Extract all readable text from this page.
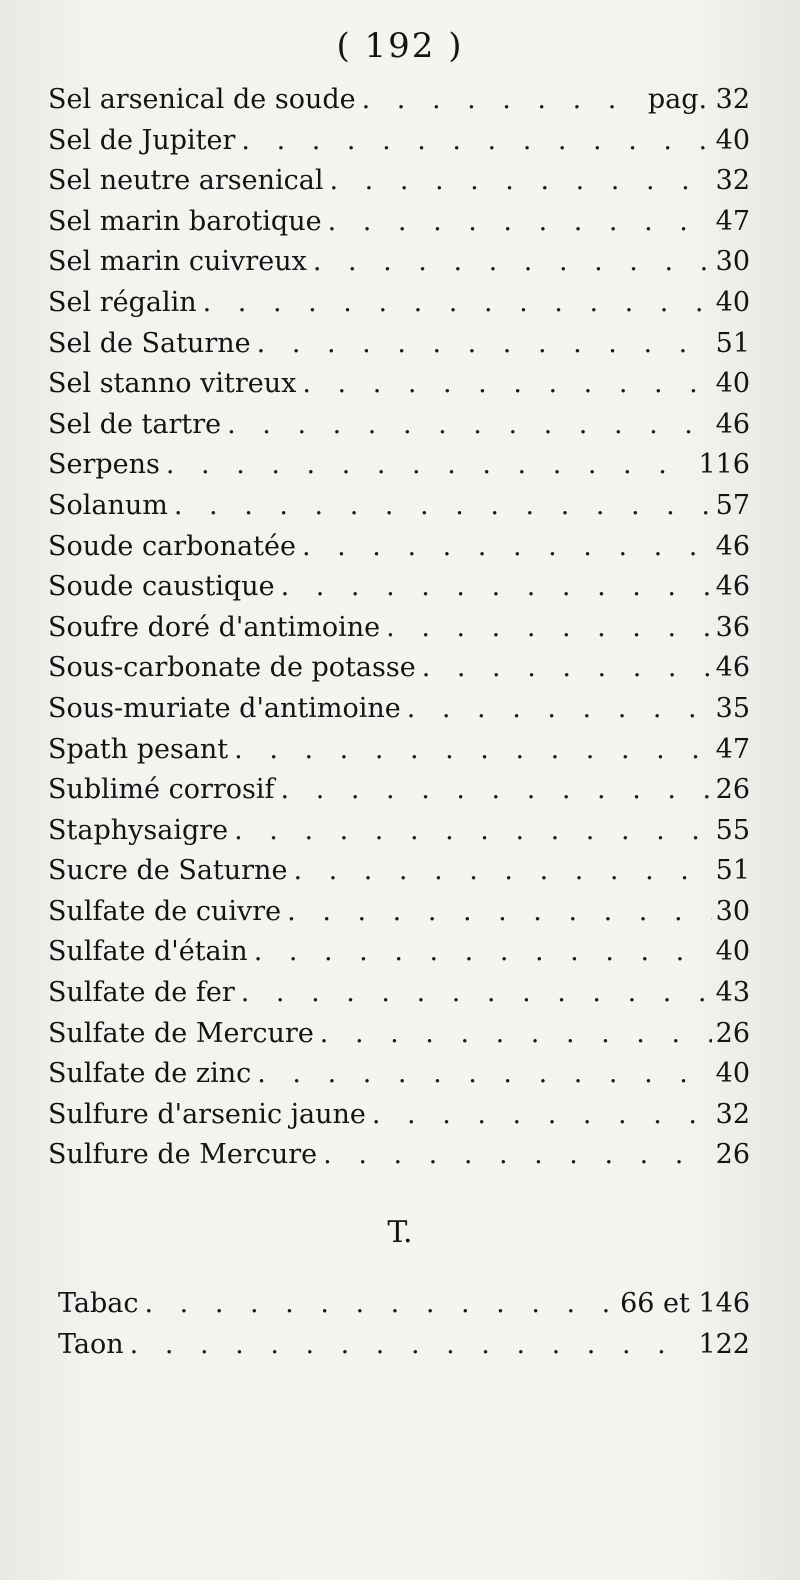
( 192 )
Sel arsenical de soude . . .	pag. 32
Sel de Jupiter . . .	40
Sel neutre arsenical . . .	32
Sel marin barotique . . .	47
Sel marin cuivreux . . .	30
Sel régalin . . .	40
Sel de Saturne . . .	51
Sel stanno vitreux . . .	40
Sel de tartre . . .	46
Serpens . . .	116
Solanum . . .	57
Soude carbonatée . . .	46
Soude caustique . . .	46
Soufre doré d'antimoine . . .	36
Sous-carbonate de potasse . . .	46
Sous-muriate d'antimoine . . .	35
Spath pesant . . .	47
Sublimé corrosif . . .	26
Staphysaigre . . .	55
Sucre de Saturne . . .	51
Sulfate de cuivre . . .	30
Sulfate d'étain . . .	40
Sulfate de fer . . .	43
Sulfate de Mercure . . .	26
Sulfate de zinc . . .	40
Sulfure d'arsenic jaune . . .	32
Sulfure de Mercure . . .	26
T.
Tabac . . .	66 et 146
Taon . . .	122
